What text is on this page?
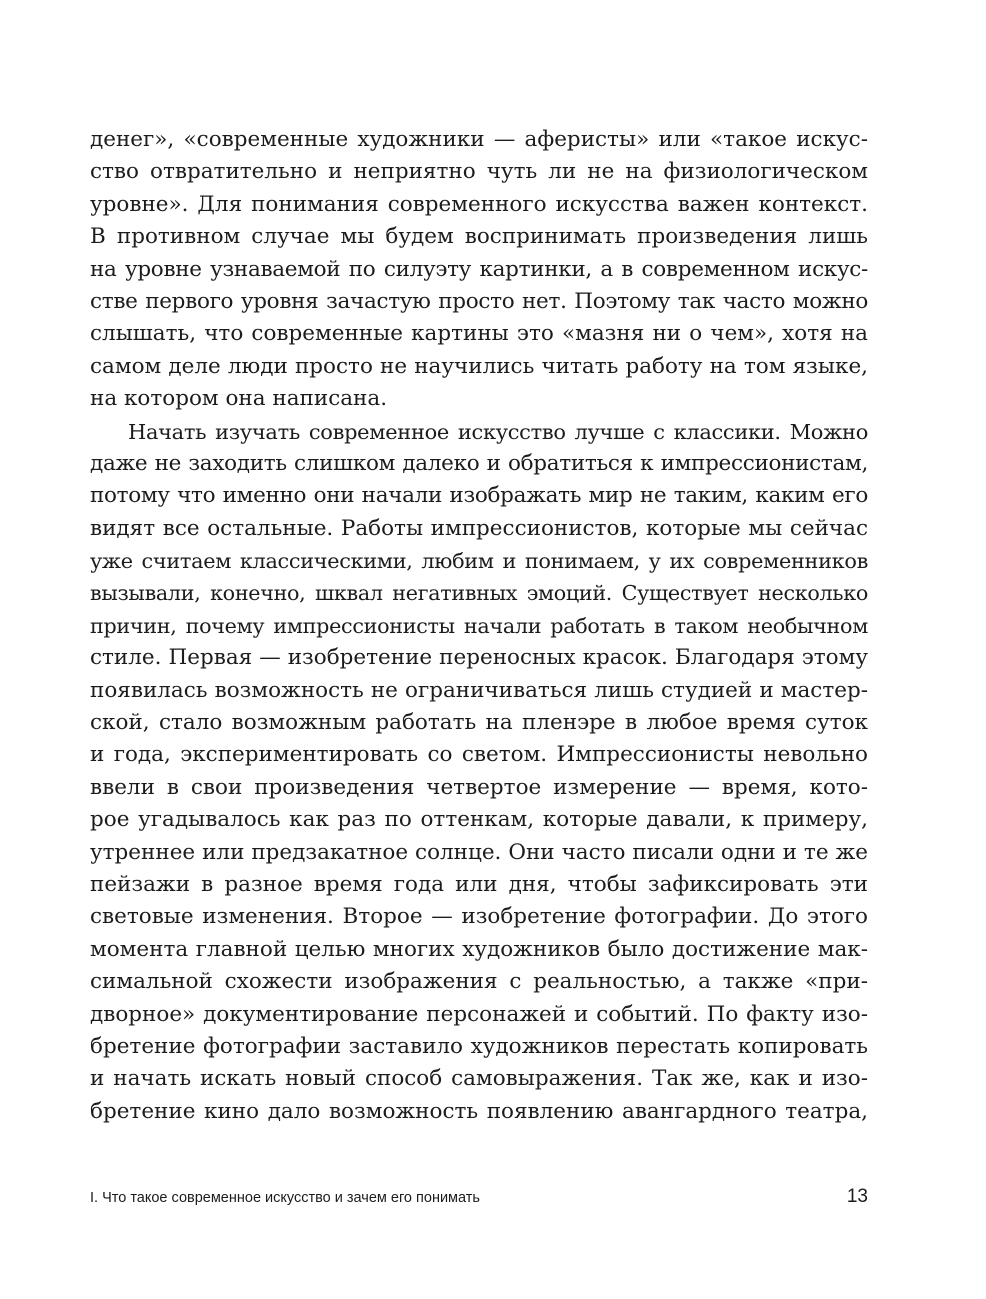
денег», «современные художники — аферисты» или «такое искус-
ство отвратительно и неприятно чуть ли не на физиологическом
уровне». Для понимания современного искусства важен контекст.
В противном случае мы будем воспринимать произведения лишь
на уровне узнаваемой по силуэту картинки, а в современном искус-
стве первого уровня зачастую просто нет. Поэтому так часто можно
слышать, что современные картины это «мазня ни о чем», хотя на
самом деле люди просто не научились читать работу на том языке,
на котором она написана.
Начать изучать современное искусство лучше с классики. Можно
даже не заходить слишком далеко и обратиться к импрессионистам,
потому что именно они начали изображать мир не таким, каким его
видят все остальные. Работы импрессионистов, которые мы сейчас
уже считаем классическими, любим и понимаем, у их современников
вызывали, конечно, шквал негативных эмоций. Существует несколько
причин, почему импрессионисты начали работать в таком необычном
стиле. Первая — изобретение переносных красок. Благодаря этому
появилась возможность не ограничиваться лишь студией и мастер-
ской, стало возможным работать на пленэре в любое время суток
и года, экспериментировать со светом. Импрессионисты невольно
ввели в свои произведения четвертое измерение — время, кото-
рое угадывалось как раз по оттенкам, которые давали, к примеру,
утреннее или предзакатное солнце. Они часто писали одни и те же
пейзажи в разное время года или дня, чтобы зафиксировать эти
световые изменения. Второе — изобретение фотографии. До этого
момента главной целью многих художников было достижение мак-
симальной схожести изображения с реальностью, а также «при-
дворное» документирование персонажей и событий. По факту изо-
бретение фотографии заставило художников перестать копировать
и начать искать новый способ самовыражения. Так же, как и изо-
бретение кино дало возможность появлению авангардного театра,
I. Что такое современное искусство и зачем его понимать	13
